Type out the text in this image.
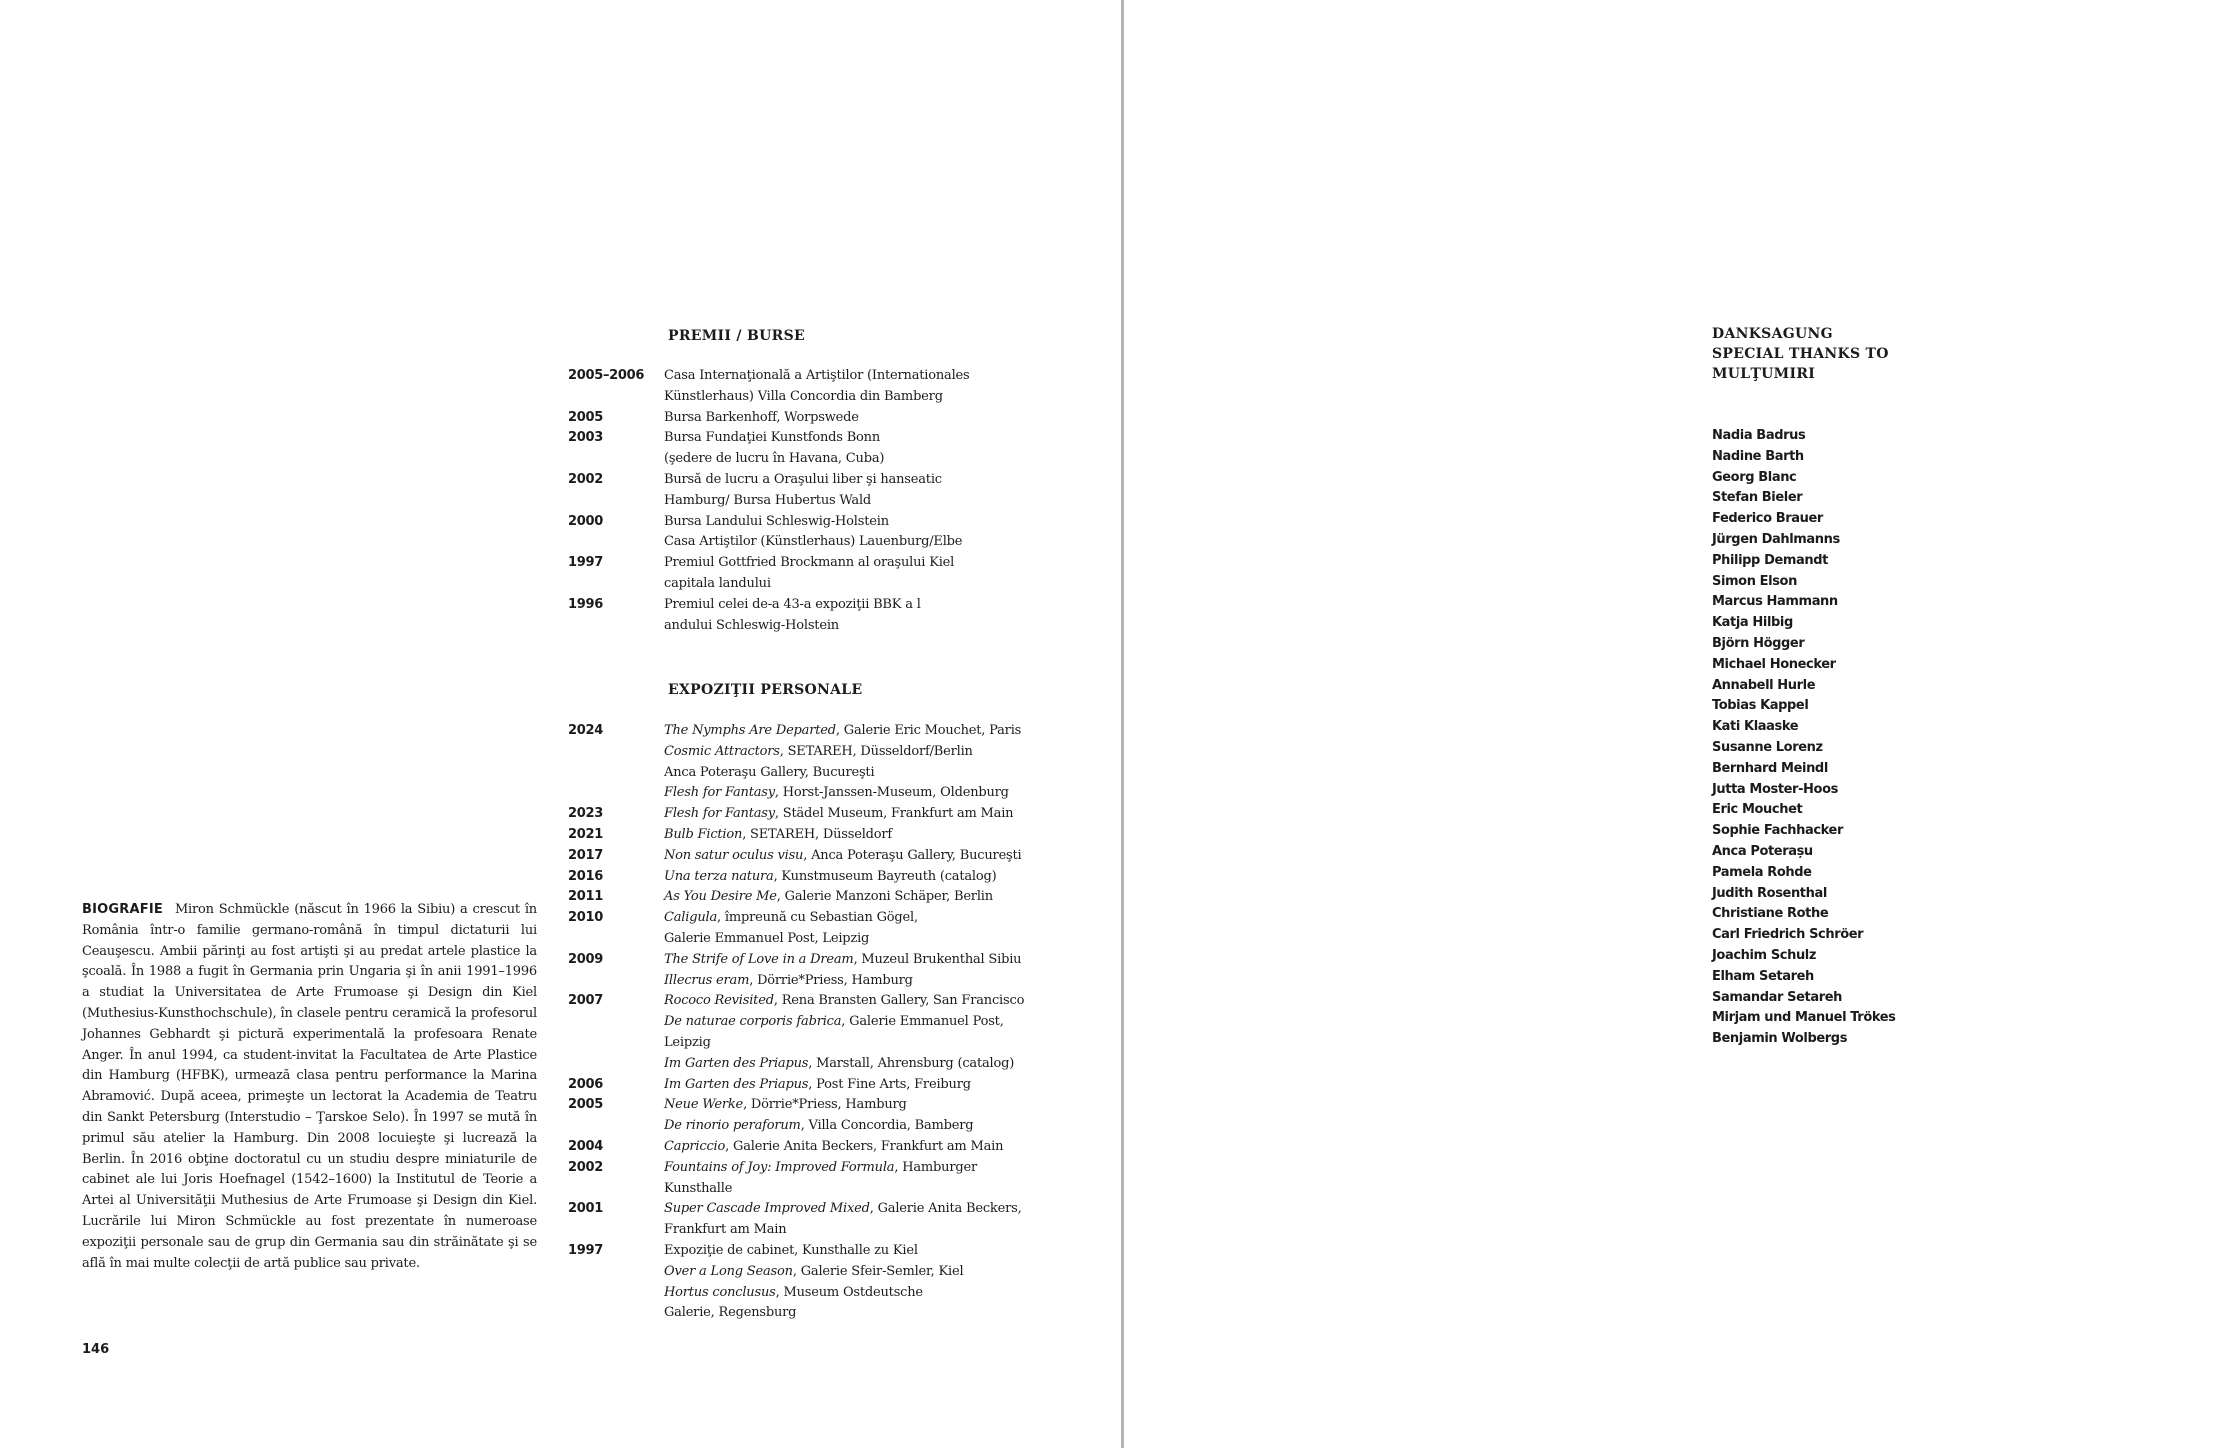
PREMII / BURSE
2005–2006	Casa Internaţională a Artiştilor (Internationales
Künstlerhaus) Villa Concordia din Bamberg
2005	Bursa Barkenhoff, Worpswede
2003	Bursa Fundaţiei Kunstfonds Bonn
(şedere de lucru în Havana, Cuba)
2002	Bursă de lucru a Oraşului liber şi hanseatic
Hamburg/ Bursa Hubertus Wald
2000	Bursa Landului Schleswig-Holstein
Casa Artiştilor (Künstlerhaus) Lauenburg/Elbe
1997	Premiul Gottfried Brockmann al oraşului Kiel
capitala landului
1996	Premiul celei de-a 43-a expoziţii BBK a l
andului Schleswig-Holstein
EXPOZIŢII PERSONALE
2024	The Nymphs Are Departed, Galerie Eric Mouchet, Paris
Cosmic Attractors, SETAREH, Düsseldorf/Berlin
Anca Poteraşu Gallery, Bucureşti
Flesh for Fantasy, Horst-Janssen-Museum, Oldenburg
2023	Flesh for Fantasy, Städel Museum, Frankfurt am Main
2021	Bulb Fiction, SETAREH, Düsseldorf
2017	Non satur oculus visu, Anca Poteraşu Gallery, Bucureşti
2016	Una terza natura, Kunstmuseum Bayreuth (catalog)
2011	As You Desire Me, Galerie Manzoni Schäper, Berlin
2010	Caligula, împreună cu Sebastian Gögel,
Galerie Emmanuel Post, Leipzig
2009	The Strife of Love in a Dream, Muzeul Brukenthal Sibiu
Illecrus eram, Dörrie*Priess, Hamburg
2007	Rococo Revisited, Rena Bransten Gallery, San Francisco
De naturae corporis fabrica, Galerie Emmanuel Post,
Leipzig
Im Garten des Priapus, Marstall, Ahrensburg (catalog)
2006	Im Garten des Priapus, Post Fine Arts, Freiburg
2005	Neue Werke, Dörrie*Priess, Hamburg
De rinorio peraforum, Villa Concordia, Bamberg
2004	Capriccio, Galerie Anita Beckers, Frankfurt am Main
2002	Fountains of Joy: Improved Formula, Hamburger
Kunsthalle
2001	Super Cascade Improved Mixed, Galerie Anita Beckers,
Frankfurt am Main
1997	Expoziţie de cabinet, Kunsthalle zu Kiel
Over a Long Season, Galerie Sfeir-Semler, Kiel
Hortus conclusus, Museum Ostdeutsche
Galerie, Regensburg
BIOGRAFIE Miron Schmückle (născut în 1966 la Sibiu) a crescut în România într-o familie germano-română în timpul dictaturii lui Ceauşescu. Ambii părinţi au fost artişti şi au predat artele plastice la şcoală. În 1988 a fugit în Germania prin Ungaria şi în anii 1991–1996 a studiat la Universitatea de Arte Frumoase şi Design din Kiel (Muthesius-Kunsthochschule), în clasele pentru ceramică la profesorul Johannes Gebhardt şi pictură experimentală la profesoara Renate Anger. În anul 1994, ca student-invitat la Facultatea de Arte Plastice din Hamburg (HFBK), urmează clasa pentru performance la Marina Abramović. După aceea, primeşte un lectorat la Academia de Teatru din Sankt Petersburg (Interstudio – Ţarskoe Selo). În 1997 se mută în primul său atelier la Hamburg. Din 2008 locuieşte şi lucrează la Berlin. În 2016 obţine doctoratul cu un studiu despre miniaturile de cabinet ale lui Joris Hoefnagel (1542–1600) la Institutul de Teorie a Artei al Universităţii Muthesius de Arte Frumoase şi Design din Kiel. Lucrările lui Miron Schmückle au fost prezentate în numeroase expoziţii personale sau de grup din Germania sau din străinătate şi se află în mai multe colecţii de artă publice sau private.
146
DANKSAGUNG
SPECIAL THANKS TO
MULŢUMIRI
Nadia Badrus
Nadine Barth
Georg Blanc
Stefan Bieler
Federico Brauer
Jürgen Dahlmanns
Philipp Demandt
Simon Elson
Marcus Hammann
Katja Hilbig
Björn Högger
Michael Honecker
Annabell Hurle
Tobias Kappel
Kati Klaaske
Susanne Lorenz
Bernhard Meindl
Jutta Moster-Hoos
Eric Mouchet
Sophie Fachhacker
Anca Poterașu
Pamela Rohde
Judith Rosenthal
Christiane Rothe
Carl Friedrich Schröer
Joachim Schulz
Elham Setareh
Samandar Setareh
Mirjam und Manuel Trökes
Benjamin Wolbergs
